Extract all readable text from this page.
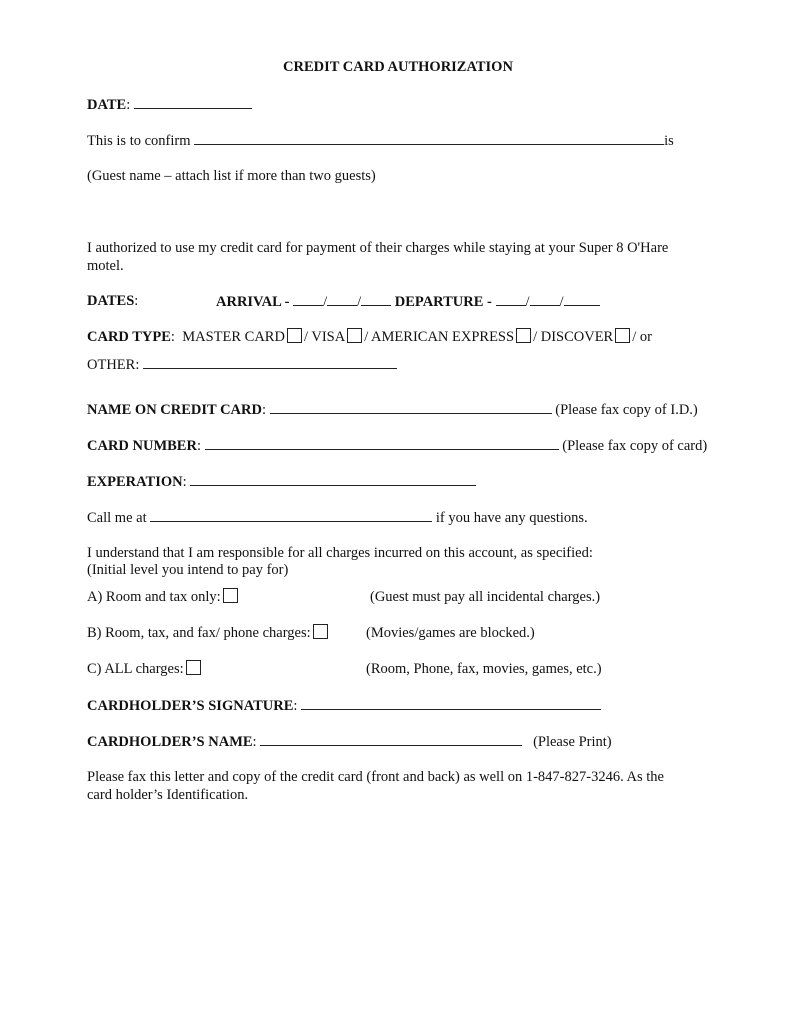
CREDIT CARD AUTHORIZATION
DATE:
This is to confirm	is
(Guest name – attach list if more than two guests)
I authorized to use my credit card for payment of their charges while staying at your Super 8 O'Hare
motel.
DATES:	ARRIVAL - / / DEPARTURE - / /
CARD TYPE:  MASTER CARD / VISA / AMERICAN EXPRESS / DISCOVER / or
OTHER:
NAME ON CREDIT CARD:	(Please fax copy of I.D.)
CARD NUMBER:	(Please fax copy of card)
EXPERATION:
Call me at	if you have any questions.
I understand that I am responsible for all charges incurred on this account, as specified:
(Initial level you intend to pay for)
A) Room and tax only:	(Guest must pay all incidental charges.)
B) Room, tax, and fax/ phone charges:	(Movies/games are blocked.)
C) ALL charges:	(Room, Phone, fax, movies, games, etc.)
CARDHOLDER’S SIGNATURE:
CARDHOLDER’S NAME:	(Please Print)
Please fax this letter and copy of the credit card (front and back) as well on 1-847-827-3246. As the
card holder’s Identification.
